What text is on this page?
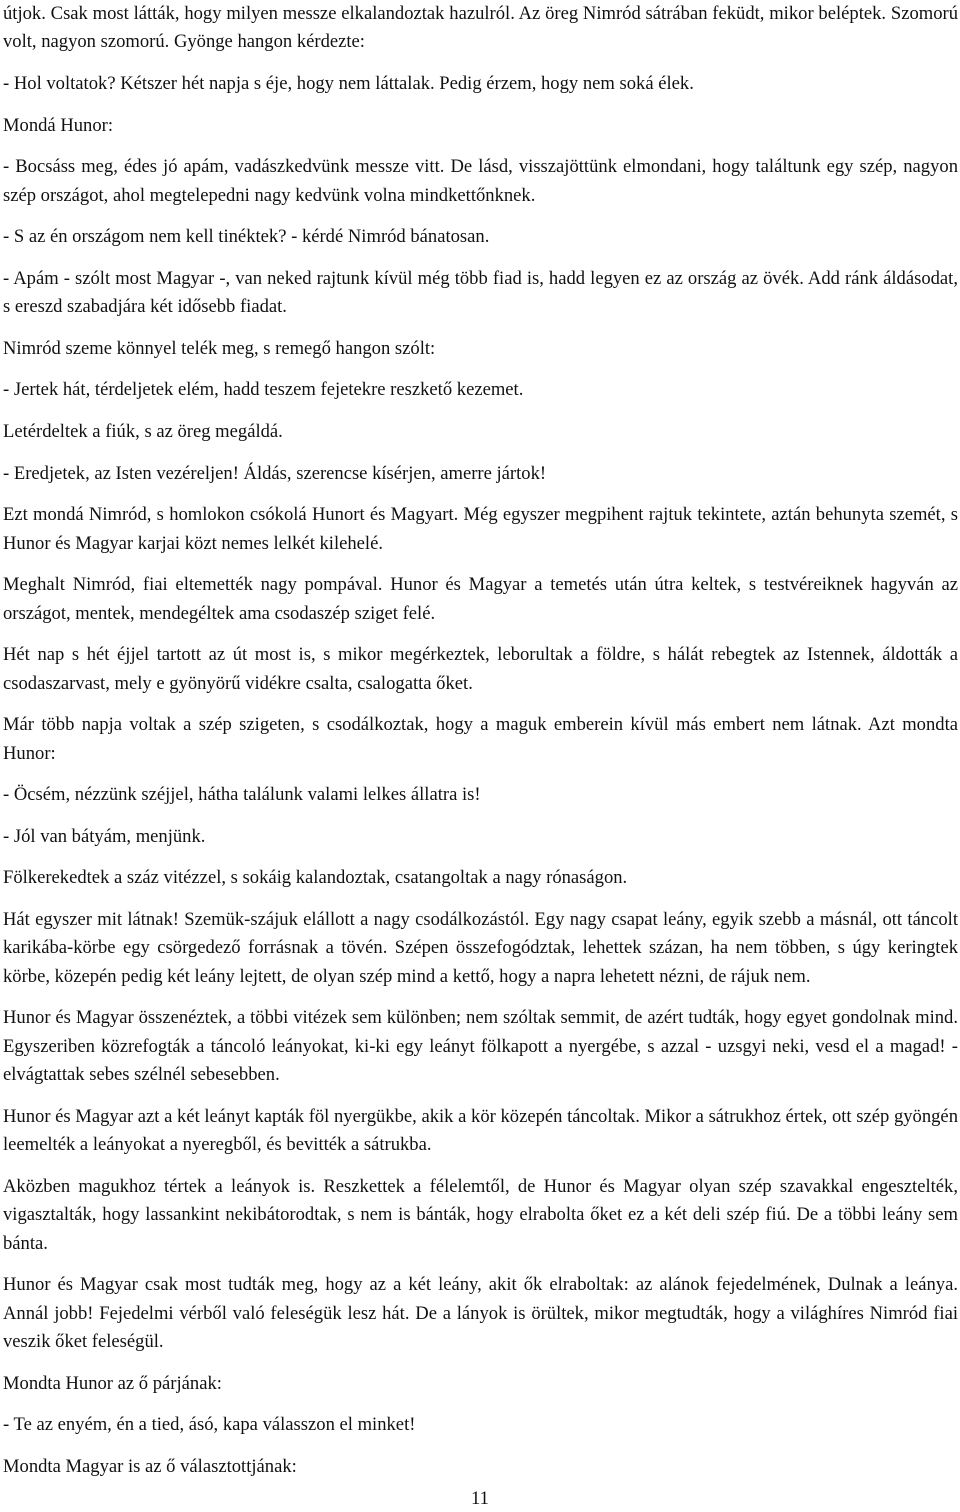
útjok. Csak most látták, hogy milyen messze elkalandoztak hazulról. Az öreg Nimród sátrában feküdt, mikor beléptek. Szomorú volt, nagyon szomorú. Gyönge hangon kérdezte:

- Hol voltatok? Kétszer hét napja s éje, hogy nem láttalak. Pedig érzem, hogy nem soká élek.

Mondá Hunor:

- Bocsáss meg, édes jó apám, vadászkedvünk messze vitt. De lásd, visszajöttünk elmondani, hogy találtunk egy szép, nagyon szép országot, ahol megtelepedni nagy kedvünk volna mindkettőnknek.

- S az én országom nem kell tinéktek? - kérdé Nimród bánatosan.

- Apám - szólt most Magyar -, van neked rajtunk kívül még több fiad is, hadd legyen ez az ország az övék. Add ránk áldásodat, s ereszd szabadjára két idősebb fiadat.

Nimród szeme könnyel telék meg, s remegő hangon szólt:

- Jertek hát, térdeljetek elém, hadd teszem fejetekre reszkető kezemet.

Letérdeltek a fiúk, s az öreg megáldá.

- Eredjetek, az Isten vezéreljen! Áldás, szerencse kísérjen, amerre jártok!

Ezt mondá Nimród, s homlokon csókolá Hunort és Magyart. Még egyszer megpihent rajtuk tekintete, aztán behunyta szemét, s Hunor és Magyar karjai közt nemes lelkét kilehelé.

Meghalt Nimród, fiai eltemették nagy pompával. Hunor és Magyar a temetés után útra keltek, s testvéreiknek hagyván az országot, mentek, mendegéltek ama csodaszép sziget felé.

Hét nap s hét éjjel tartott az út most is, s mikor megérkeztek, leborultak a földre, s hálát rebegtek az Istennek, áldották a csodaszarvast, mely e gyönyörű vidékre csalta, csalogatta őket.

Már több napja voltak a szép szigeten, s csodálkoztak, hogy a maguk emberein kívül más embert nem látnak. Azt mondta Hunor:

- Öcsém, nézzünk széjjel, hátha találunk valami lelkes állatra is!

- Jól van bátyám, menjünk.

Fölkerekedtek a száz vitézzel, s sokáig kalandoztak, csatangoltak a nagy rónaságon.

Hát egyszer mit látnak! Szemük-szájuk elállott a nagy csodálkozástól. Egy nagy csapat leány, egyik szebb a másnál, ott táncolt karikába-körbe egy csörgedező forrásnak a tövén. Szépen összefogództak, lehettek százan, ha nem többen, s úgy keringtek körbe, közepén pedig két leány lejtett, de olyan szép mind a kettő, hogy a napra lehetett nézni, de rájuk nem.

Hunor és Magyar összenéztek, a többi vitézek sem különben; nem szóltak semmit, de azért tudták, hogy egyet gondolnak mind. Egyszeriben közrefogták a táncoló leányokat, ki-ki egy leányt fölkapott a nyergébe, s azzal - uzsgyi neki, vesd el a magad! - elvágtattak sebes szélnél sebesebben.

Hunor és Magyar azt a két leányt kapták föl nyergükbe, akik a kör közepén táncoltak. Mikor a sátrukhoz értek, ott szép gyöngén leemelték a leányokat a nyeregből, és bevitték a sátrukba.

Aközben magukhoz tértek a leányok is. Reszkettek a félelemtől, de Hunor és Magyar olyan szép szavakkal engesztelték, vigasztalták, hogy lassankint nekibátorodtak, s nem is bánták, hogy elrabolta őket ez a két deli szép fiú. De a többi leány sem bánta.

Hunor és Magyar csak most tudták meg, hogy az a két leány, akit ők elraboltak: az alánok fejedelmének, Dulnak a leánya. Annál jobb! Fejedelmi vérből való feleségük lesz hát. De a lányok is örültek, mikor megtudták, hogy a világhíres Nimród fiai veszik őket feleségül.

Mondta Hunor az ő párjának:

- Te az enyém, én a tied, ásó, kapa válasszon el minket!

Mondta Magyar is az ő választottjának:

11
